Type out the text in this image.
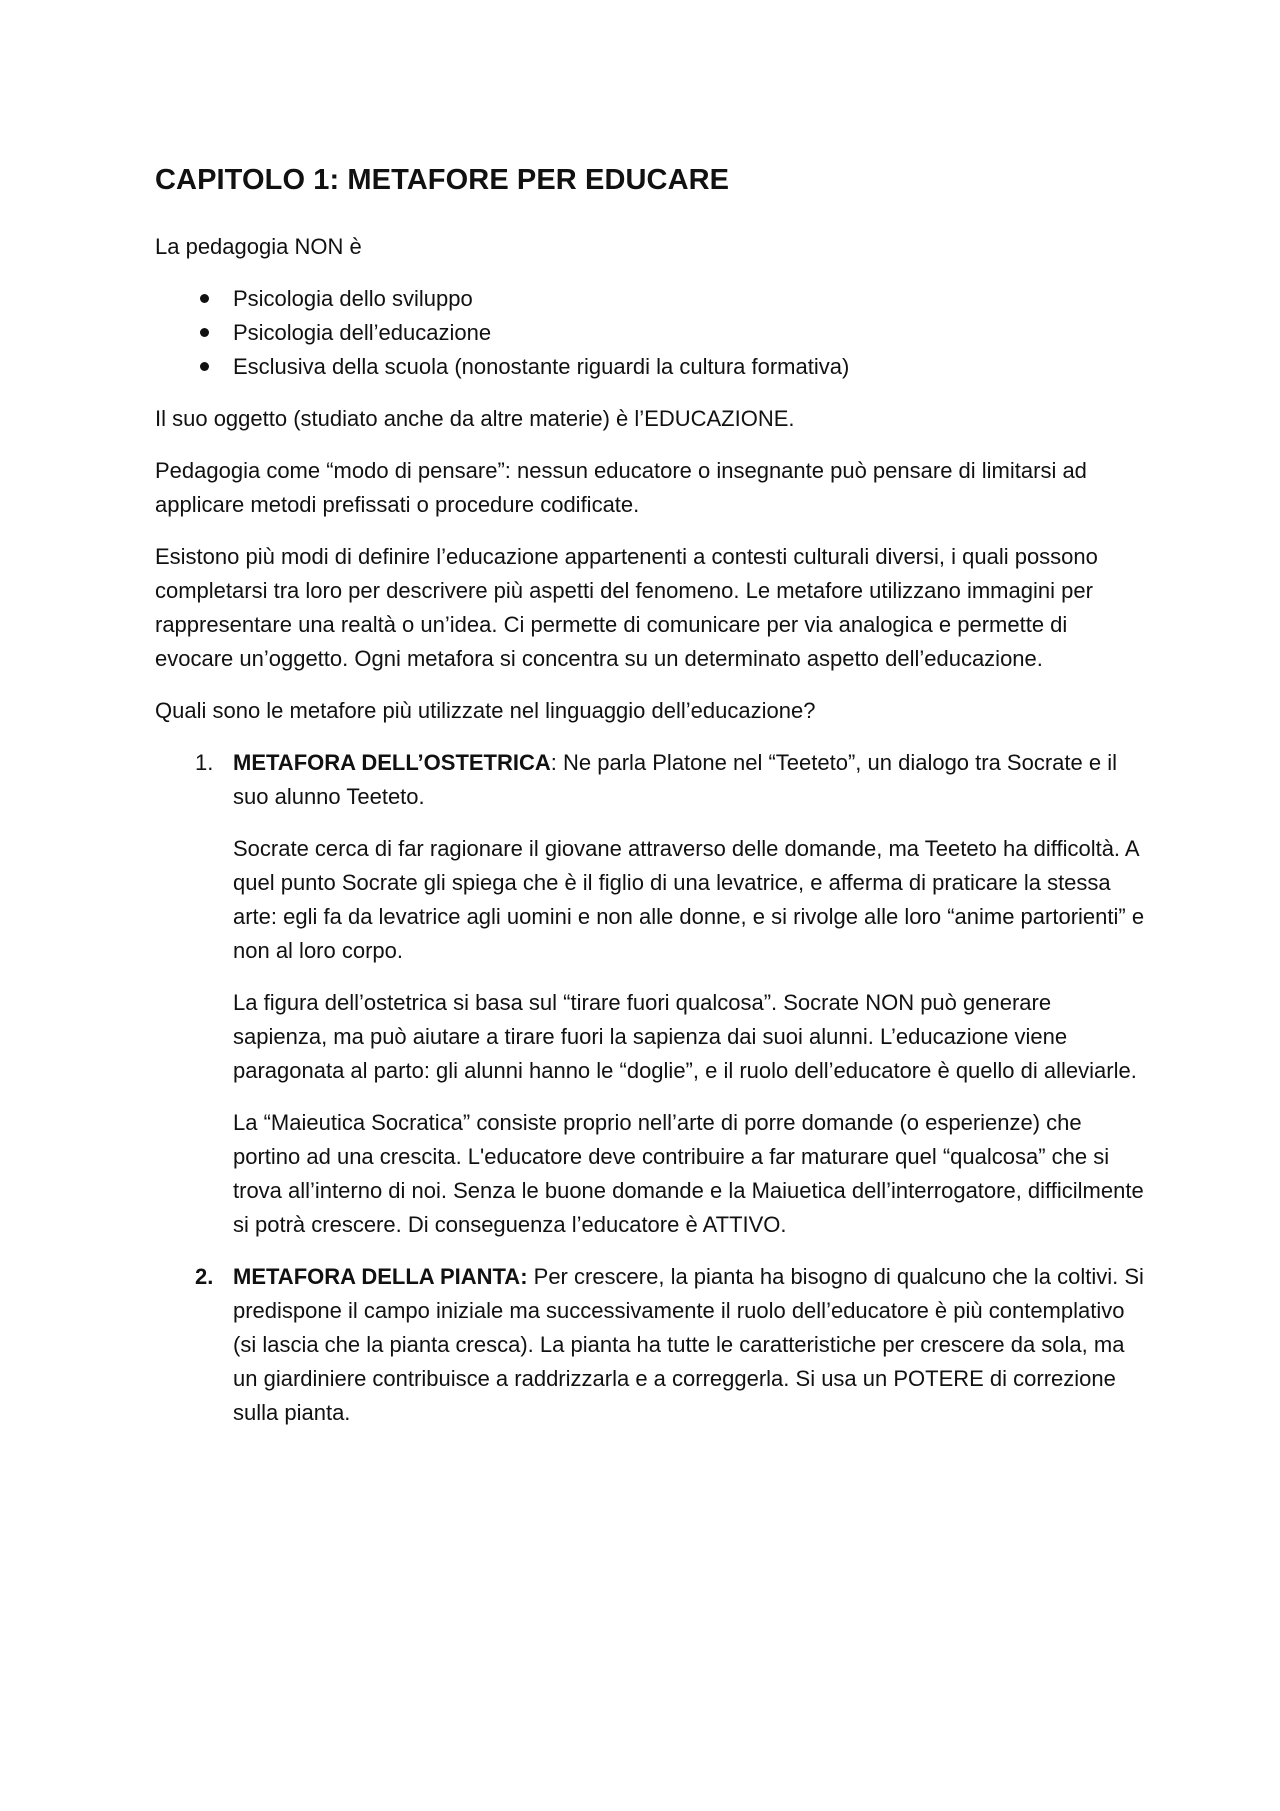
CAPITOLO 1: METAFORE PER EDUCARE

La pedagogia NON è

Psicologia dello sviluppo
Psicologia dell’educazione
Esclusiva della scuola (nonostante riguardi la cultura formativa)

Il suo oggetto (studiato anche da altre materie) è l’EDUCAZIONE.

Pedagogia come “modo di pensare”: nessun educatore o insegnante può pensare di limitarsi ad applicare metodi prefissati o procedure codificate.

Esistono più modi di definire l’educazione appartenenti a contesti culturali diversi, i quali possono completarsi tra loro per descrivere più aspetti del fenomeno. Le metafore utilizzano immagini per rappresentare una realtà o un’idea. Ci permette di comunicare per via analogica e permette di evocare un’oggetto. Ogni metafora si concentra su un determinato aspetto dell’educazione.

Quali sono le metafore più utilizzate nel linguaggio dell’educazione?

1. METAFORA DELL’OSTETRICA: Ne parla Platone nel “Teeteto”, un dialogo tra Socrate e il suo alunno Teeteto.

Socrate cerca di far ragionare il giovane attraverso delle domande, ma Teeteto ha difficoltà. A quel punto Socrate gli spiega che è il figlio di una levatrice, e afferma di praticare la stessa arte: egli fa da levatrice agli uomini e non alle donne, e si rivolge alle loro “anime partorienti” e non al loro corpo.

La figura dell’ostetrica si basa sul “tirare fuori qualcosa”. Socrate NON può generare sapienza, ma può aiutare a tirare fuori la sapienza dai suoi alunni. L’educazione viene paragonata al parto: gli alunni hanno le “doglie”, e il ruolo dell’educatore è quello di alleviarle.

La “Maieutica Socratica” consiste proprio nell’arte di porre domande (o esperienze) che portino ad una crescita. L'educatore deve contribuire a far maturare quel “qualcosa” che si trova all’interno di noi. Senza le buone domande e la Maiuetica dell’interrogatore, difficilmente si potrà crescere. Di conseguenza l’educatore è ATTIVO.

2. METAFORA DELLA PIANTA: Per crescere, la pianta ha bisogno di qualcuno che la coltivi. Si predispone il campo iniziale ma successivamente il ruolo dell’educatore è più contemplativo (si lascia che la pianta cresca). La pianta ha tutte le caratteristiche per crescere da sola, ma un giardiniere contribuisce a raddrizzarla e a correggerla. Si usa un POTERE di correzione sulla pianta.
